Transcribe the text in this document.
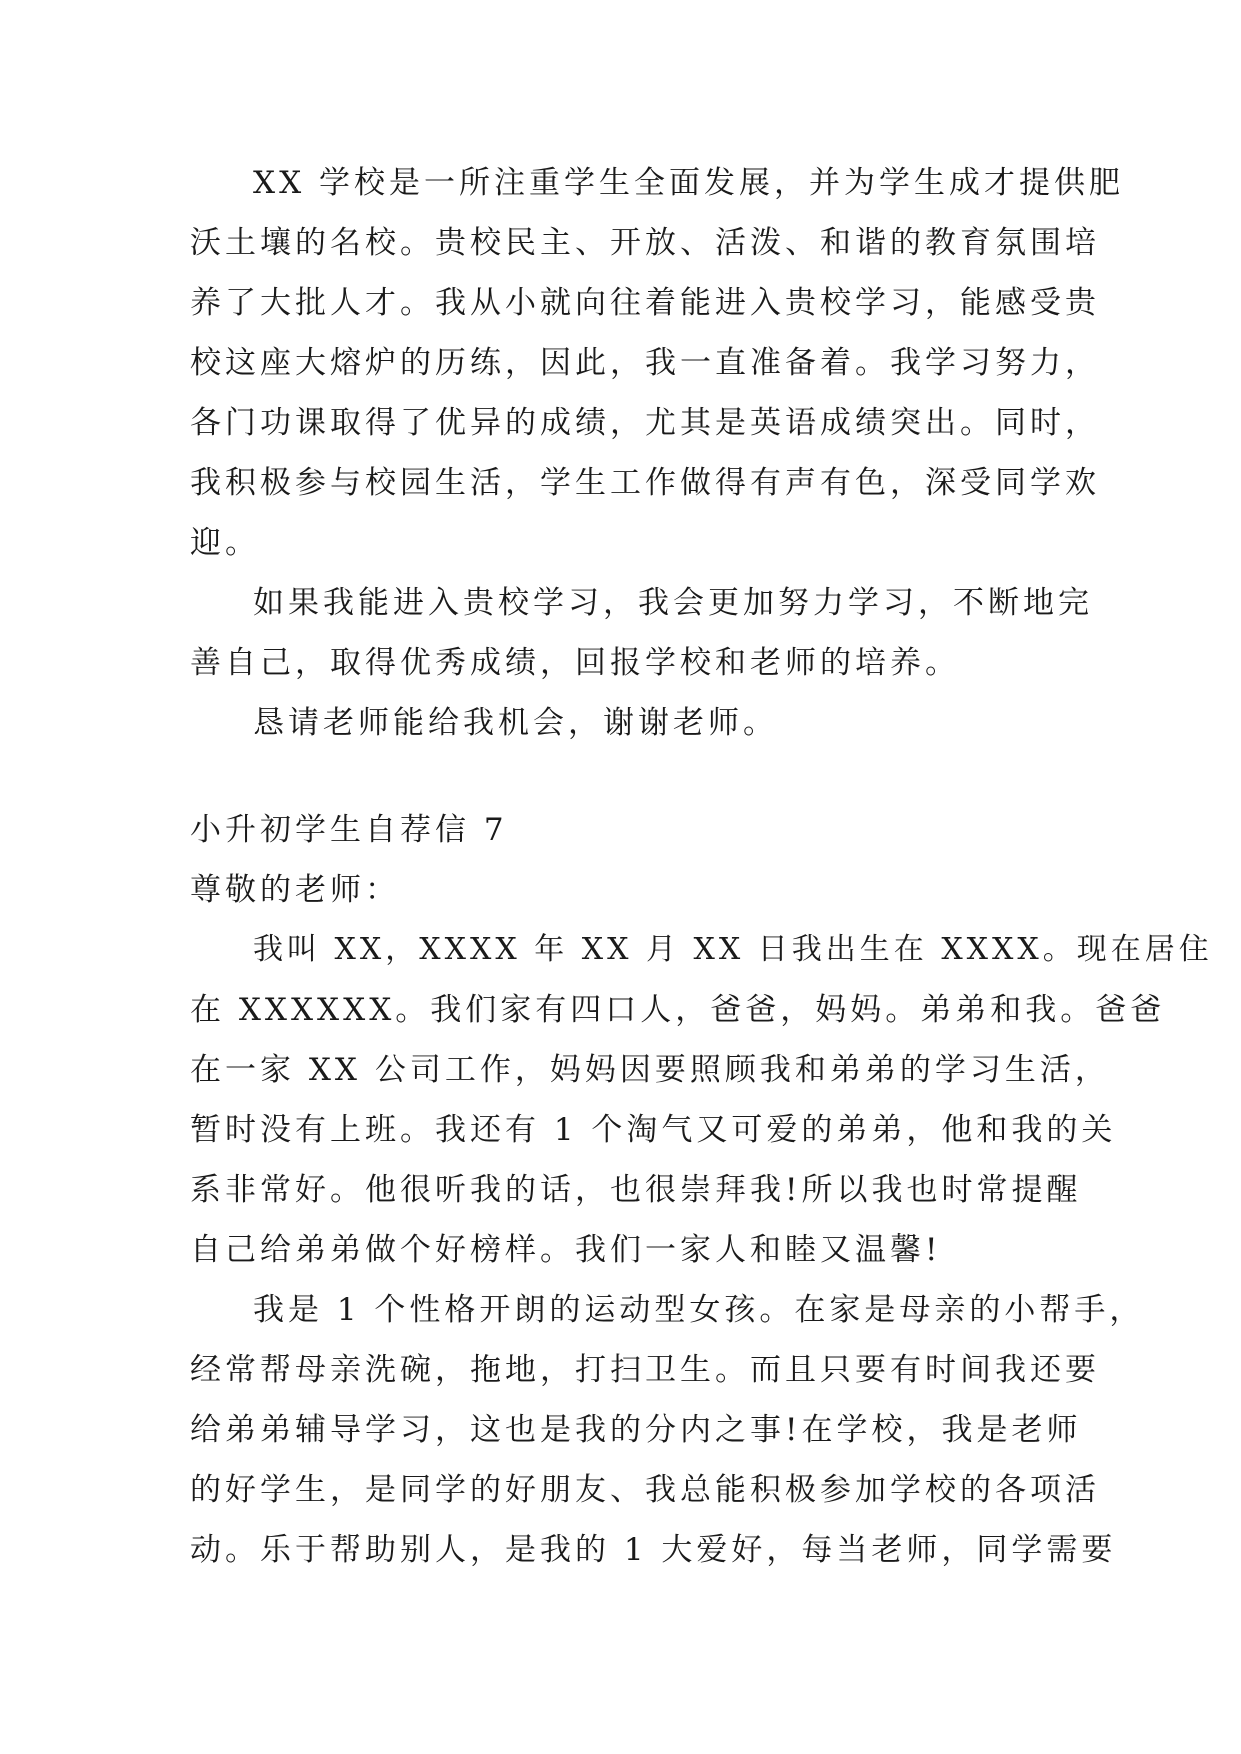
XX 学校是一所注重学生全面发展，并为学生成才提供肥
沃土壤的名校。贵校民主、开放、活泼、和谐的教育氛围培
养了大批人才。我从小就向往着能进入贵校学习，能感受贵
校这座大熔炉的历练，因此，我一直准备着。我学习努力，
各门功课取得了优异的成绩，尤其是英语成绩突出。同时，
我积极参与校园生活，学生工作做得有声有色，深受同学欢
迎。
如果我能进入贵校学习，我会更加努力学习，不断地完
善自己，取得优秀成绩，回报学校和老师的培养。
恳请老师能给我机会，谢谢老师。
小升初学生自荐信 7
尊敬的老师：
我叫 XX，XXXX 年 XX 月 XX 日我出生在 XXXX。现在居住
在 XXXXXX。我们家有四口人，爸爸，妈妈。弟弟和我。爸爸
在一家 XX 公司工作，妈妈因要照顾我和弟弟的学习生活，
暂时没有上班。我还有 1 个淘气又可爱的弟弟，他和我的关
系非常好。他很听我的话，也很崇拜我!所以我也时常提醒
自己给弟弟做个好榜样。我们一家人和睦又温馨!
我是 1 个性格开朗的运动型女孩。在家是母亲的小帮手，
经常帮母亲洗碗，拖地，打扫卫生。而且只要有时间我还要
给弟弟辅导学习，这也是我的分内之事!在学校，我是老师
的好学生，是同学的好朋友、我总能积极参加学校的各项活
动。乐于帮助别人，是我的 1 大爱好，每当老师，同学需要
